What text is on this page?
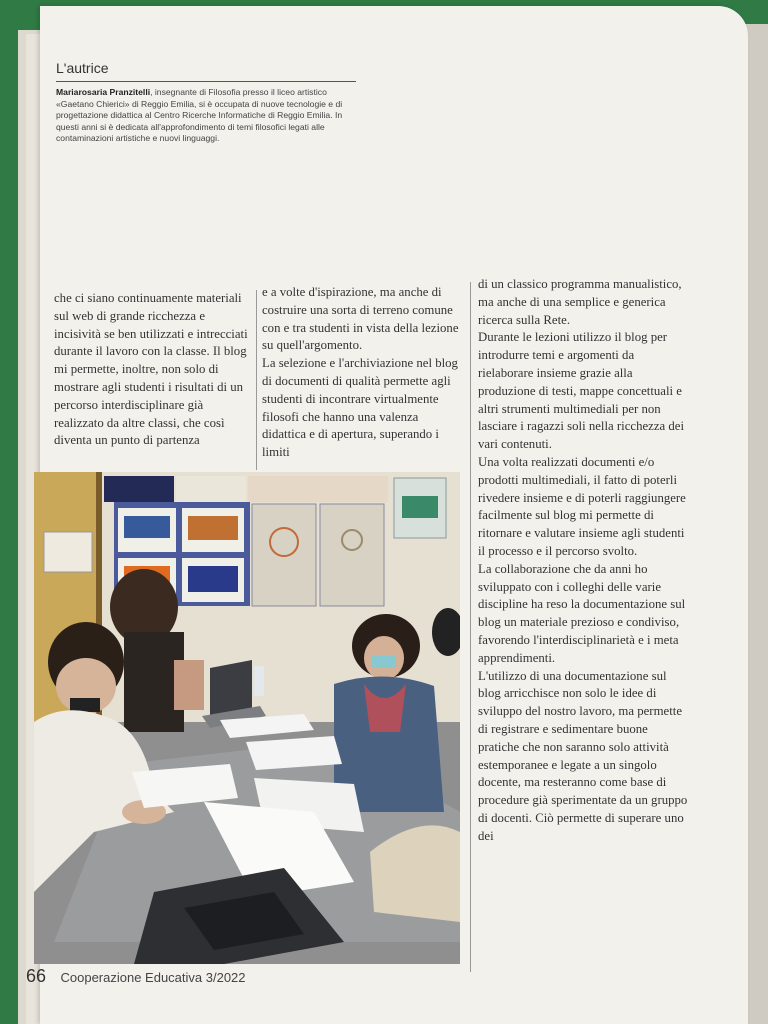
L'autrice
Mariarosaria Pranzitelli, insegnante di Filosofia presso il liceo artistico «Gaetano Chierici» di Reggio Emilia, si è occupata di nuove tecnologie e di progettazione didattica al Centro Ricerche Informatiche di Reggio Emilia. In questi anni si è dedicata all'approfondimento di temi filosofici legati alle contaminazioni artistiche e nuovi linguaggi.

che ci siano continuamente materiali sul web di grande ricchezza e incisività se ben utilizzati e intrecciati durante il lavoro con la classe. Il blog mi permette, inoltre, non solo di mostrare agli studenti i risultati di un percorso interdisciplinare già realizzato da altre classi, che così diventa un punto di partenza

e a volte d'ispirazione, ma anche di costruire una sorta di terreno comune con e tra studenti in vista della lezione su quell'argomento.

La selezione e l'archiviazione nel blog di documenti di qualità permette agli studenti di incontrare virtualmente filosofi che hanno una valenza didattica e di apertura, superando i limiti

di un classico programma manualistico, ma anche di una semplice e generica ricerca sulla Rete.

Durante le lezioni utilizzo il blog per introdurre temi e argomenti da rielaborare insieme grazie alla produzione di testi, mappe concettuali e altri strumenti multimediali per non lasciare i ragazzi soli nella ricchezza dei vari contenuti.

Una volta realizzati documenti e/o prodotti multimediali, il fatto di poterli rivedere insieme e di poterli raggiungere facilmente sul blog mi permette di ritornare e valutare insieme agli studenti il processo e il percorso svolto.

La collaborazione che da anni ho sviluppato con i colleghi delle varie discipline ha reso la documentazione sul blog un materiale prezioso e condiviso, favorendo l'interdisciplinarietà e i meta apprendimenti.

L'utilizzo di una documentazione sul blog arricchisce non solo le idee di sviluppo del nostro lavoro, ma permette di registrare e sedimentare buone pratiche che non saranno solo attività estemporanee e legate a un singolo docente, ma resteranno come base di procedure già sperimentate da un gruppo di docenti. Ciò permette di superare uno dei

66 Cooperazione Educativa 3/2022
